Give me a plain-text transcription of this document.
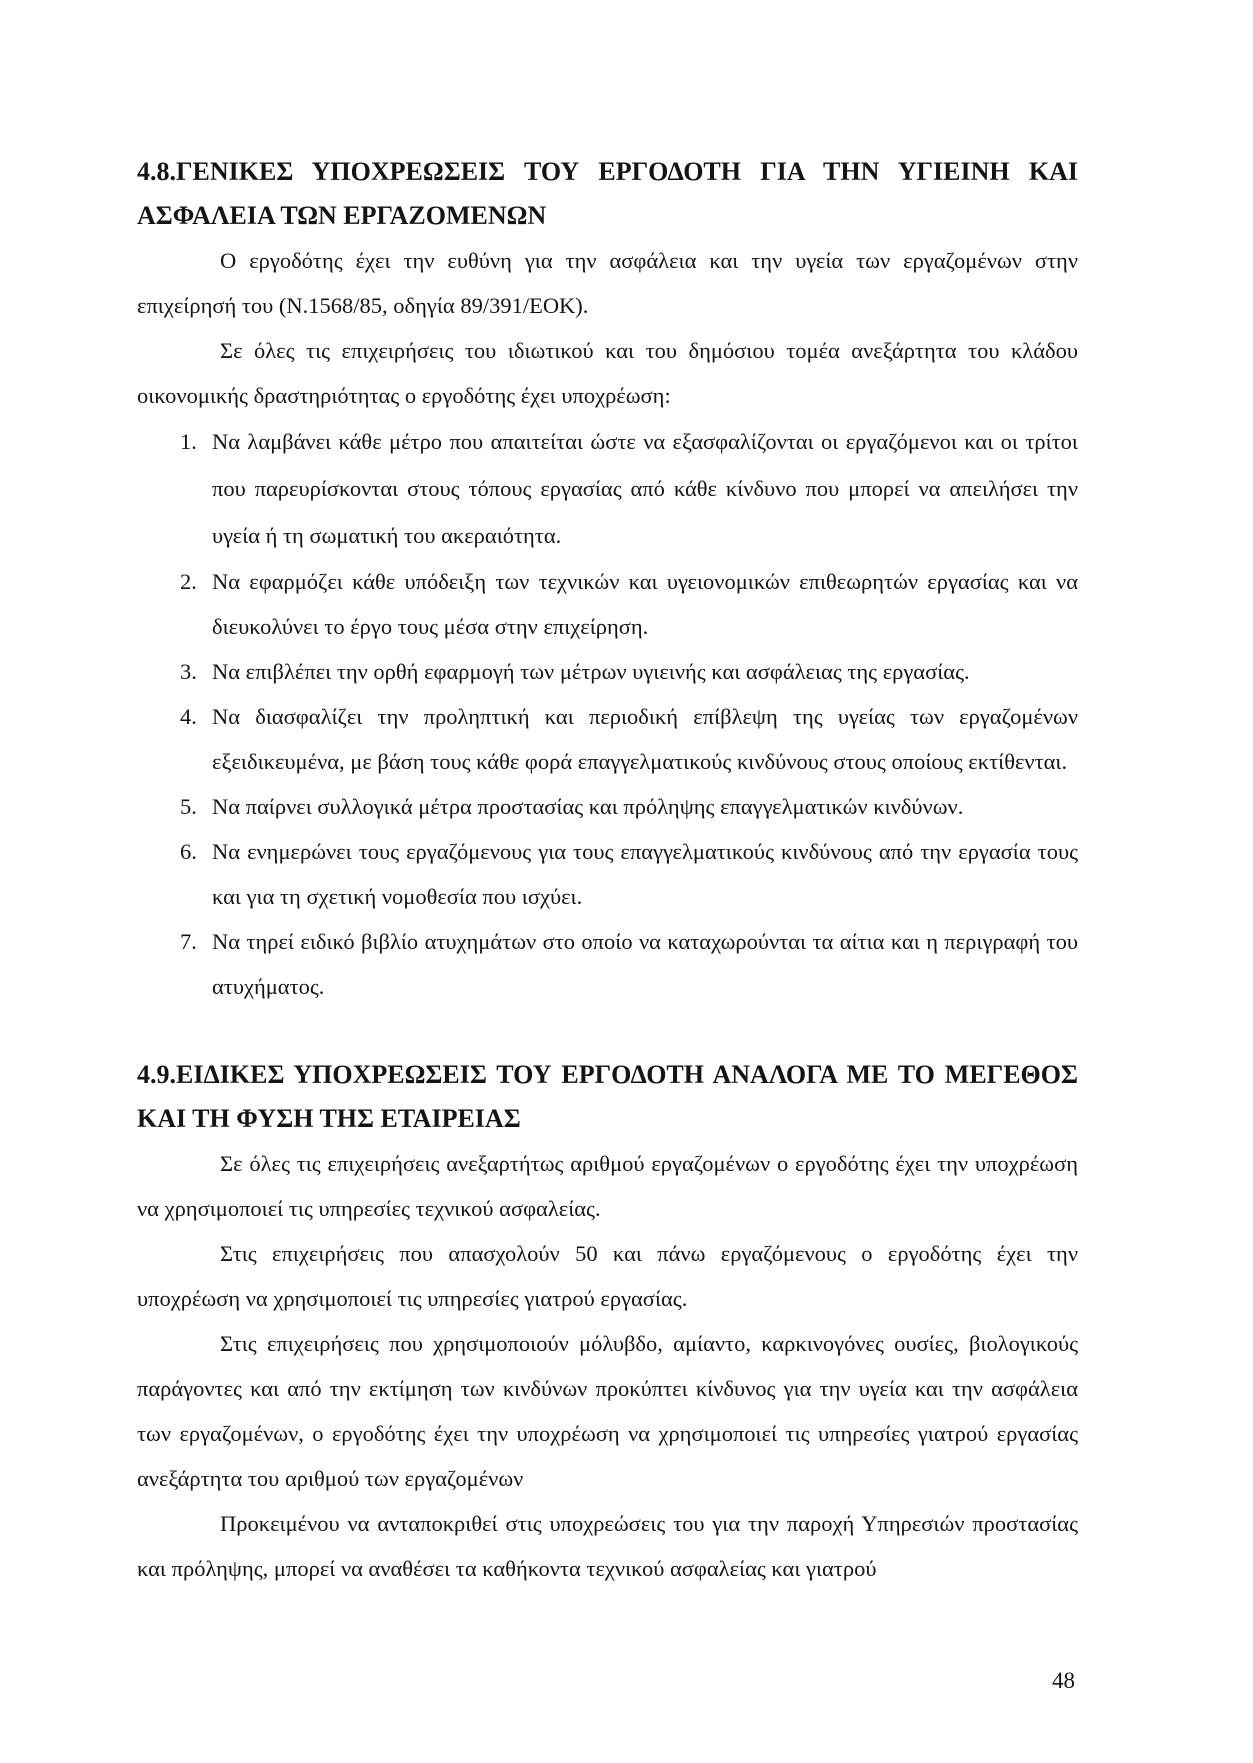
4.8.ΓΕΝΙΚΕΣ ΥΠΟΧΡΕΩΣΕΙΣ ΤΟΥ ΕΡΓΟΔΟΤΗ ΓΙΑ ΤΗΝ ΥΓΙΕΙΝΗ ΚΑΙ ΑΣΦΑΛΕΙΑ ΤΩΝ ΕΡΓΑΖΟΜΕΝΩΝ

Ο εργοδότης έχει την ευθύνη για την ασφάλεια και την υγεία των εργαζομένων στην επιχείρησή του (Ν.1568/85, οδηγία 89/391/ΕΟΚ).

Σε όλες τις επιχειρήσεις του ιδιωτικού και του δημόσιου τομέα ανεξάρτητα του κλάδου οικονομικής δραστηριότητας ο εργοδότης έχει υποχρέωση:

1. Να λαμβάνει κάθε μέτρο που απαιτείται ώστε να εξασφαλίζονται οι εργαζόμενοι και οι τρίτοι που παρευρίσκονται στους τόπους εργασίας από κάθε κίνδυνο που μπορεί να απειλήσει την υγεία ή τη σωματική του ακεραιότητα.
2. Να εφαρμόζει κάθε υπόδειξη των τεχνικών και υγειονομικών επιθεωρητών εργασίας και να διευκολύνει το έργο τους μέσα στην επιχείρηση.
3. Να επιβλέπει την ορθή εφαρμογή των μέτρων υγιεινής και ασφάλειας της εργασίας.
4. Να διασφαλίζει την προληπτική και περιοδική επίβλεψη της υγείας των εργαζομένων εξειδικευμένα, με βάση τους κάθε φορά επαγγελματικούς κινδύνους στους οποίους εκτίθενται.
5. Να παίρνει συλλογικά μέτρα προστασίας και πρόληψης επαγγελματικών κινδύνων.
6. Να ενημερώνει τους εργαζόμενους για τους επαγγελματικούς κινδύνους από την εργασία τους και για τη σχετική νομοθεσία που ισχύει.
7. Να τηρεί ειδικό βιβλίο ατυχημάτων στο οποίο να καταχωρούνται τα αίτια και η περιγραφή του ατυχήματος.
4.9.ΕΙΔΙΚΕΣ ΥΠΟΧΡΕΩΣΕΙΣ ΤΟΥ ΕΡΓΟΔΟΤΗ ΑΝΑΛΟΓΑ ΜΕ ΤΟ ΜΕΓΕΘΟΣ ΚΑΙ ΤΗ ΦΥΣΗ ΤΗΣ ΕΤΑΙΡΕΙΑΣ

Σε όλες τις επιχειρήσεις ανεξαρτήτως αριθμού εργαζομένων ο εργοδότης έχει την υποχρέωση να χρησιμοποιεί τις υπηρεσίες τεχνικού ασφαλείας.

Στις επιχειρήσεις που απασχολούν 50 και πάνω εργαζόμενους ο εργοδότης έχει την υποχρέωση να χρησιμοποιεί τις υπηρεσίες γιατρού εργασίας.

Στις επιχειρήσεις που χρησιμοποιούν μόλυβδο, αμίαντο, καρκινογόνες ουσίες, βιολογικούς παράγοντες και από την εκτίμηση των κινδύνων προκύπτει κίνδυνος για την υγεία και την ασφάλεια των εργαζομένων, ο εργοδότης έχει την υποχρέωση να χρησιμοποιεί τις υπηρεσίες γιατρού εργασίας ανεξάρτητα του αριθμού των εργαζομένων

Προκειμένου να ανταποκριθεί στις υποχρεώσεις του για την παροχή Υπηρεσιών προστασίας και πρόληψης, μπορεί να αναθέσει τα καθήκοντα τεχνικού ασφαλείας και γιατρού

48
